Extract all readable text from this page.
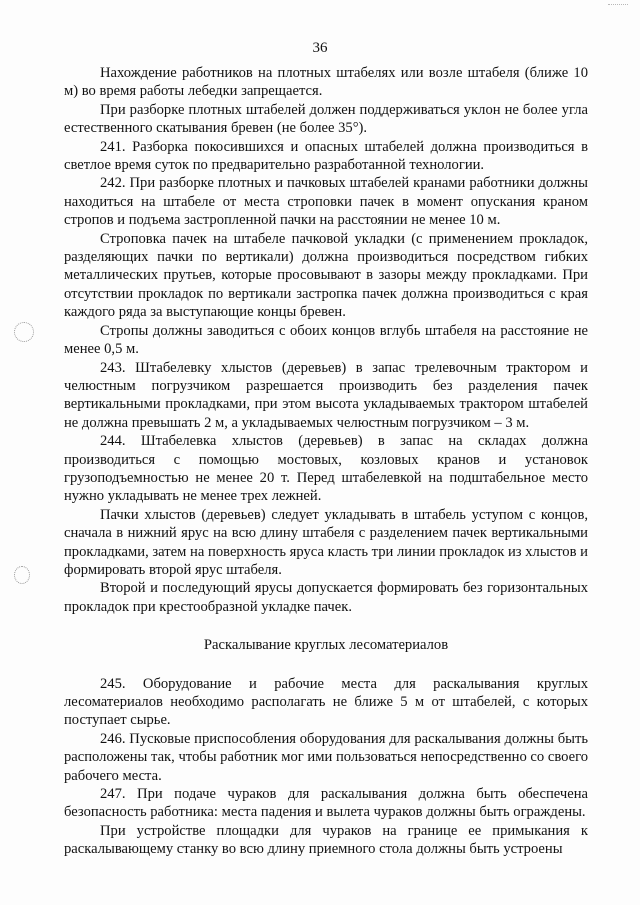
36

Нахождение работников на плотных штабелях или возле штабеля (ближе 10 м) во время работы лебедки запрещается.

При разборке плотных штабелей должен поддерживаться уклон не более угла естественного скатывания бревен (не более 35°).

241. Разборка покосившихся и опасных штабелей должна производиться в светлое время суток по предварительно разработанной технологии.

242. При разборке плотных и пачковых штабелей кранами работники должны находиться на штабеле от места строповки пачек в момент опускания краном стропов и подъема застропленной пачки на расстоянии не менее 10 м.

Строповка пачек на штабеле пачковой укладки (с применением прокладок, разделяющих пачки по вертикали) должна производиться посредством гибких металлических прутьев, которые просовывают в зазоры между прокладками. При отсутствии прокладок по вертикали застропка пачек должна производиться с края каждого ряда за выступающие концы бревен.

Стропы должны заводиться с обоих концов вглубь штабеля на расстояние не менее 0,5 м.

243. Штабелевку хлыстов (деревьев) в запас трелевочным трактором и челюстным погрузчиком разрешается производить без разделения пачек вертикальными прокладками, при этом высота укладываемых трактором штабелей не должна превышать 2 м, а укладываемых челюстным погрузчиком – 3 м.

244. Штабелевка хлыстов (деревьев) в запас на складах должна производиться с помощью мостовых, козловых кранов и установок грузоподъемностью не менее 20 т. Перед штабелевкой на подштабельное место нужно укладывать не менее трех лежней.

Пачки хлыстов (деревьев) следует укладывать в штабель уступом с концов, сначала в нижний ярус на всю длину штабеля с разделением пачек вертикальными прокладками, затем на поверхность яруса класть три линии прокладок из хлыстов и формировать второй ярус штабеля.

Второй и последующий ярусы допускается формировать без горизонтальных прокладок при крестообразной укладке пачек.

Раскалывание круглых лесоматериалов

245. Оборудование и рабочие места для раскалывания круглых лесоматериалов необходимо располагать не ближе 5 м от штабелей, с которых поступает сырье.

246. Пусковые приспособления оборудования для раскалывания должны быть расположены так, чтобы работник мог ими пользоваться непосредственно со своего рабочего места.

247. При подаче чураков для раскалывания должна быть обеспечена безопасность работника: места падения и вылета чураков должны быть ограждены.

При устройстве площадки для чураков на границе ее примыкания к раскалывающему станку во всю длину приемного стола должны быть устроены
